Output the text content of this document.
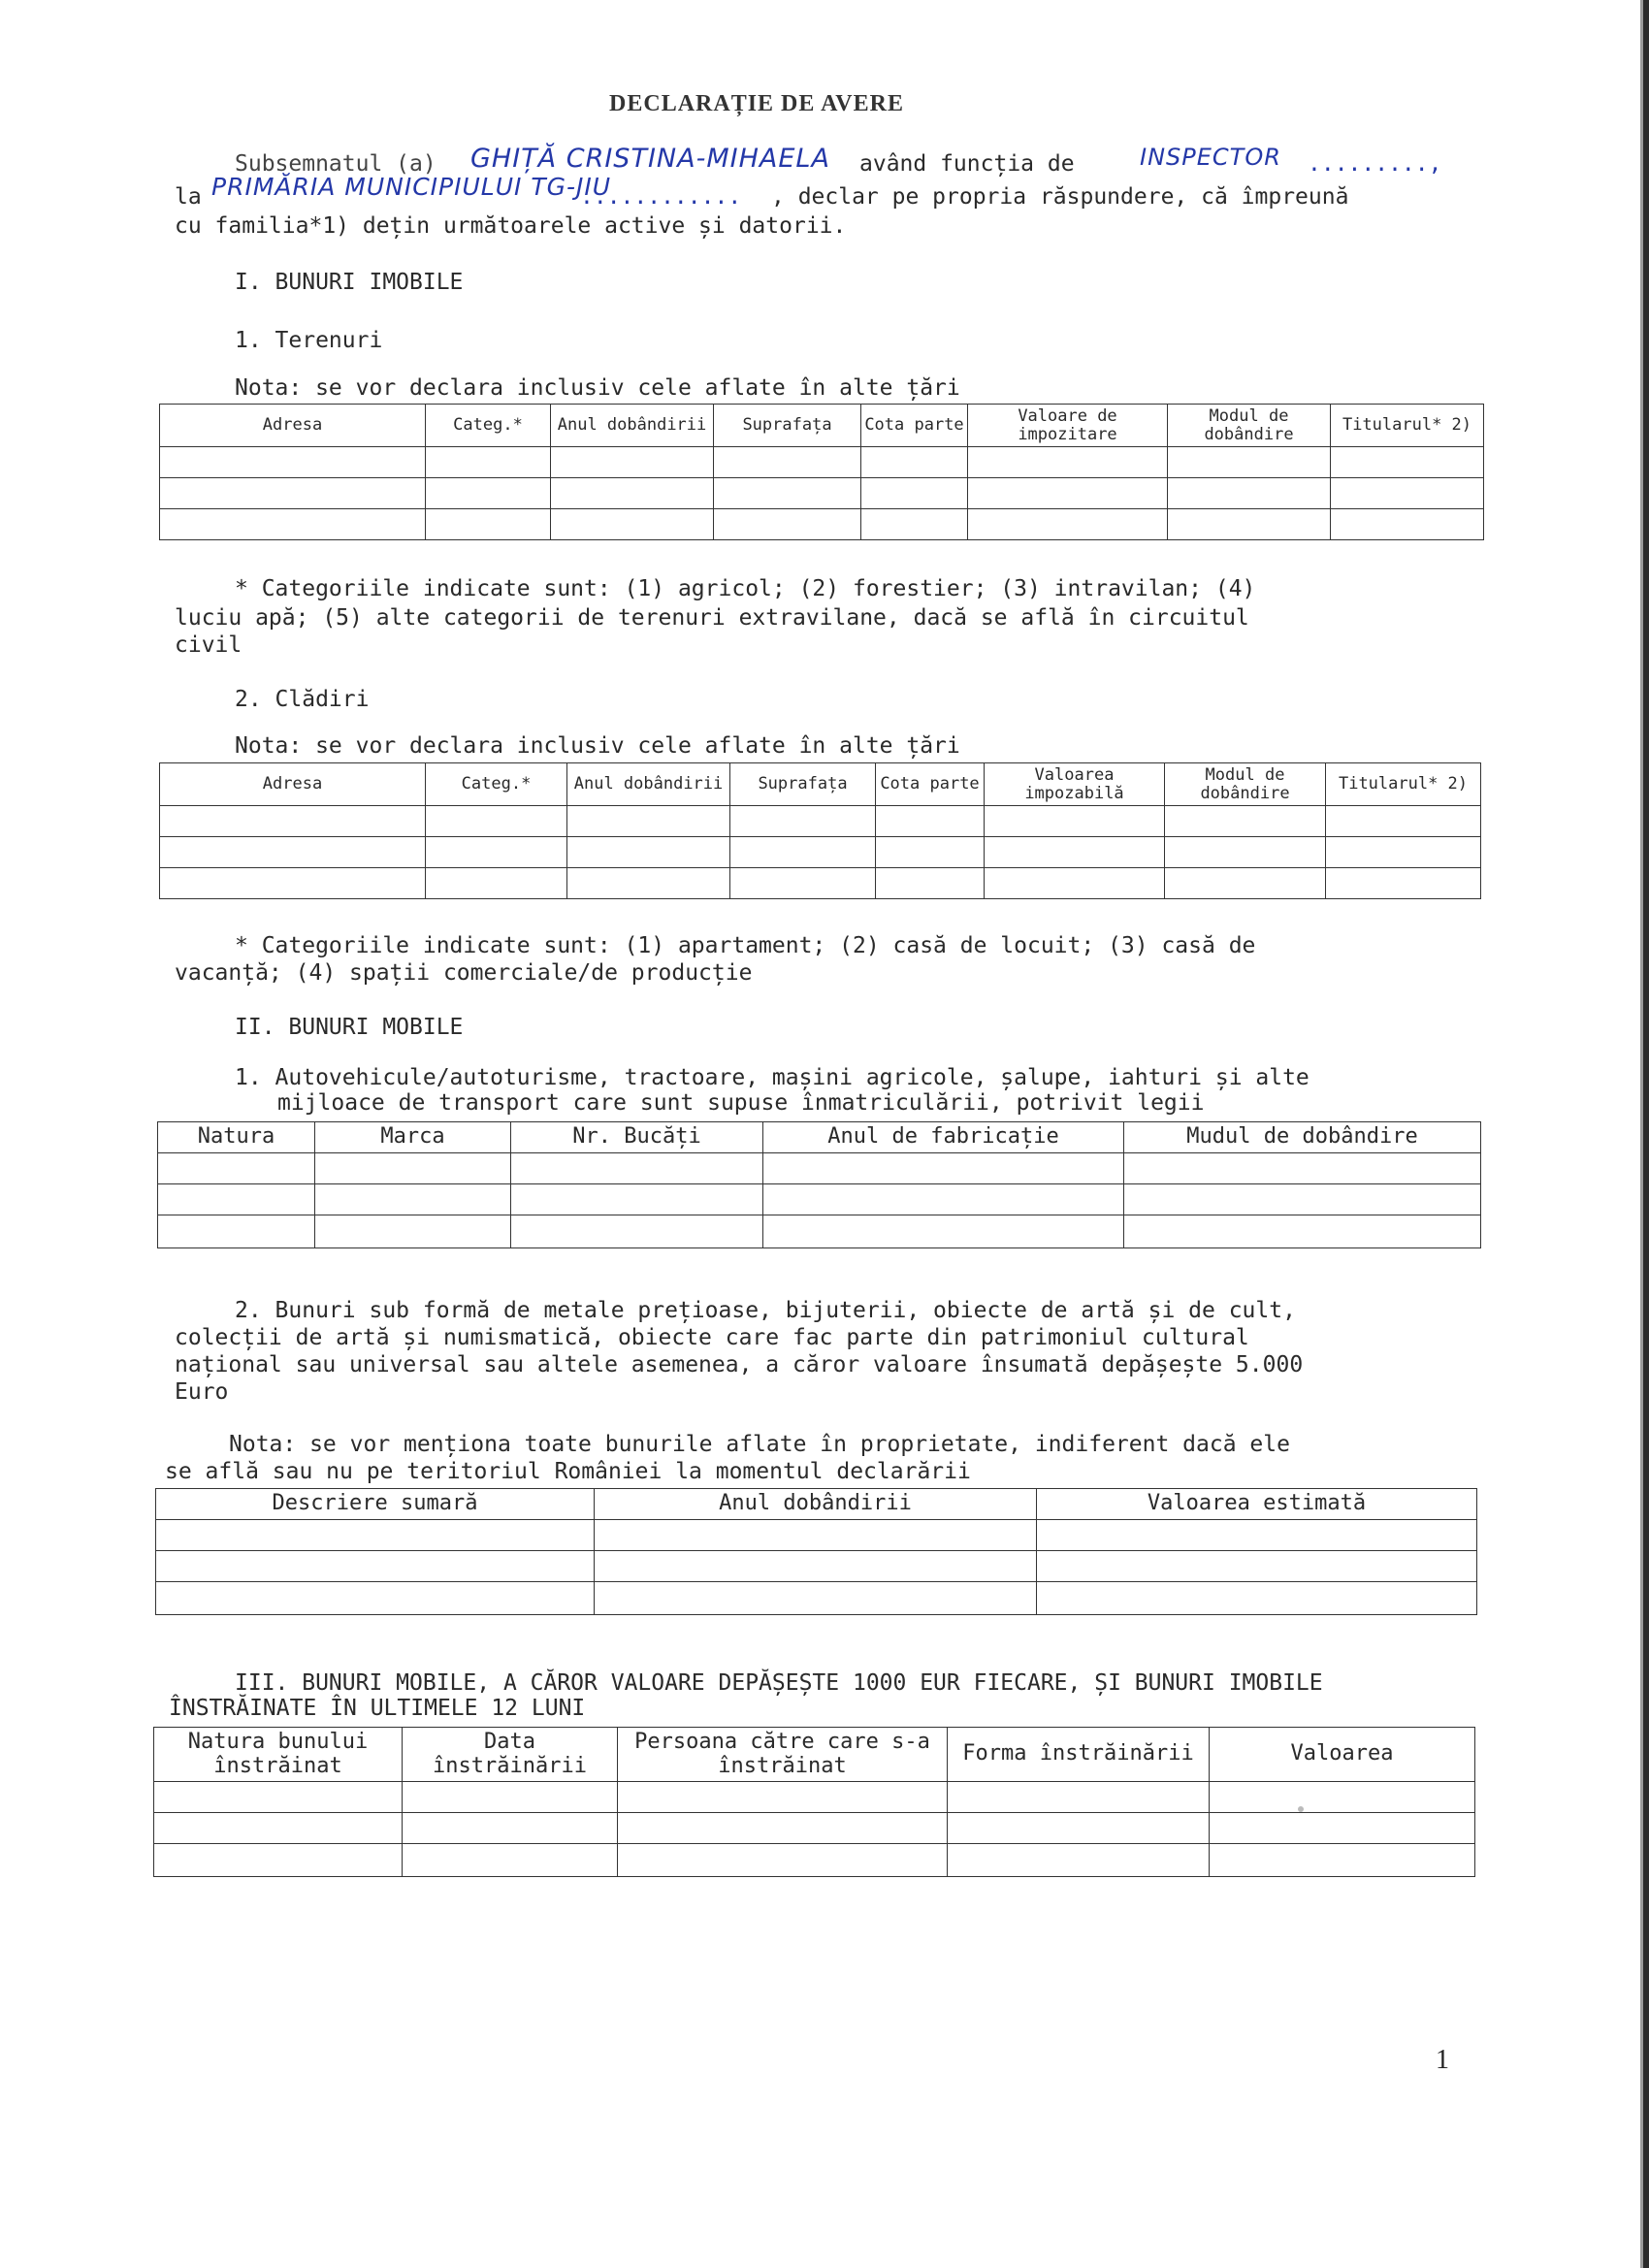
DECLARAȚIE DE AVERE
Subsemnatul (a) GHIȚĂ CRISTINA-MIHAELA având funcția de	INSPECTOR .........,
la PRIMĂRIA MUNICIPIULUI TG-JIU
............ , declar pe propria răspundere, că împreună
cu familia*1) dețin următoarele active și datorii.
I. BUNURI IMOBILE
1. Terenuri
Nota: se vor declara inclusiv cele aflate în alte țări
Adresa	Categ.*	Anul dobândirii	Suprafața	Cota parte	Valoare de impozitare	Modul de dobândire	Titularul* 2)

* Categoriile indicate sunt: (1) agricol; (2) forestier; (3) intravilan; (4)
luciu apă; (5) alte categorii de terenuri extravilane, dacă se află în circuitul
civil
2. Clădiri
Nota: se vor declara inclusiv cele aflate în alte țări
Adresa	Categ.*	Anul dobândirii	Suprafața	Cota parte	Valoarea impozabilă	Modul de dobândire	Titularul* 2)

* Categoriile indicate sunt: (1) apartament; (2) casă de locuit; (3) casă de
vacanță; (4) spații comerciale/de producție
II. BUNURI MOBILE
1. Autovehicule/autoturisme, tractoare, mașini agricole, șalupe, iahturi și alte
mijloace de transport care sunt supuse înmatriculării, potrivit legii
Natura	Marca	Nr. Bucăți	Anul de fabricație	Mudul de dobândire

2. Bunuri sub formă de metale prețioase, bijuterii, obiecte de artă și de cult,
colecții de artă și numismatică, obiecte care fac parte din patrimoniul cultural
național sau universal sau altele asemenea, a căror valoare însumată depășește 5.000
Euro
Nota: se vor menționa toate bunurile aflate în proprietate, indiferent dacă ele
se află sau nu pe teritoriul României la momentul declarării
Descriere sumară	Anul dobândirii	Valoarea estimată

III. BUNURI MOBILE, A CĂROR VALOARE DEPĂȘEȘTE 1000 EUR FIECARE, ȘI BUNURI IMOBILE
ÎNSTRĂINATE ÎN ULTIMELE 12 LUNI
Natura bunului înstrăinat	Data înstrăinării	Persoana către care s-a înstrăinat	Forma înstrăinării	Valoarea

1
